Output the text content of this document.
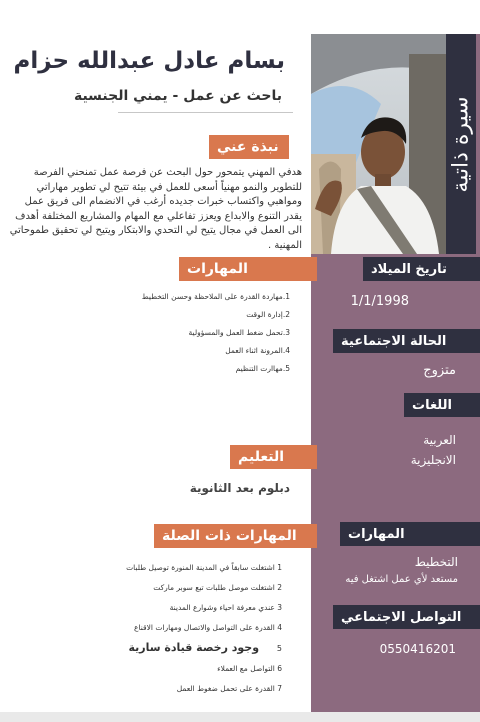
سيرة ذاتية
بسام عادل عبدالله حزام
باحث عن عمل - يمني الجنسية
نبذة عني
هدفي المهني يتمحور حول البحث عن فرصة عمل تمنحني الفرصة للتطوير والنمو مهنياً أسعى للعمل في بيئة تتيح لي تطوير مهاراتي ومواهبي واكتساب خبرات جديده أرغب في الانضمام الى فريق عمل يقدر التنوع والابداع ويعزز تفاعلي مع المهام والمشاريع المختلفة أهدف الى العمل في مجال يتيح لي التحدي والابتكار ويتيح لي تحقيق طموحاتي المهنية .
المهارات
1.مهاردة القدرة على الملاحظة وحسن التخطيط
2.إدارة الوقت
3.تحمل ضغط العمل والمسؤولية
4.المرونة اثناء العمل
5.مهاارت التنظيم
التعليم
دبلوم بعد الثانوية
المهارات ذات الصلة
1 اشتغلت سابقاً في المدينة المنورة توصيل طلبات
2 اشتغلت موصل طلبات تبع سوبر ماركت
3 عندي معرفة احياء وشوارع المدينة
4 القدرة على التواصل والاتصال ومهارات الاقناع
5 وجود رخصة قيادة سارية
6 التواصل مع العملاء
7 القدرة على تحمل ضغوط العمل
تاريخ الميلاد
1/1/1998
الحالة الاجتماعية
متزوج
اللغات
العربية
الانجليزية
المهارات
التخطيط
مستعد لأي عمل اشتغل فيه
التواصل الاجتماعي
0550416201
